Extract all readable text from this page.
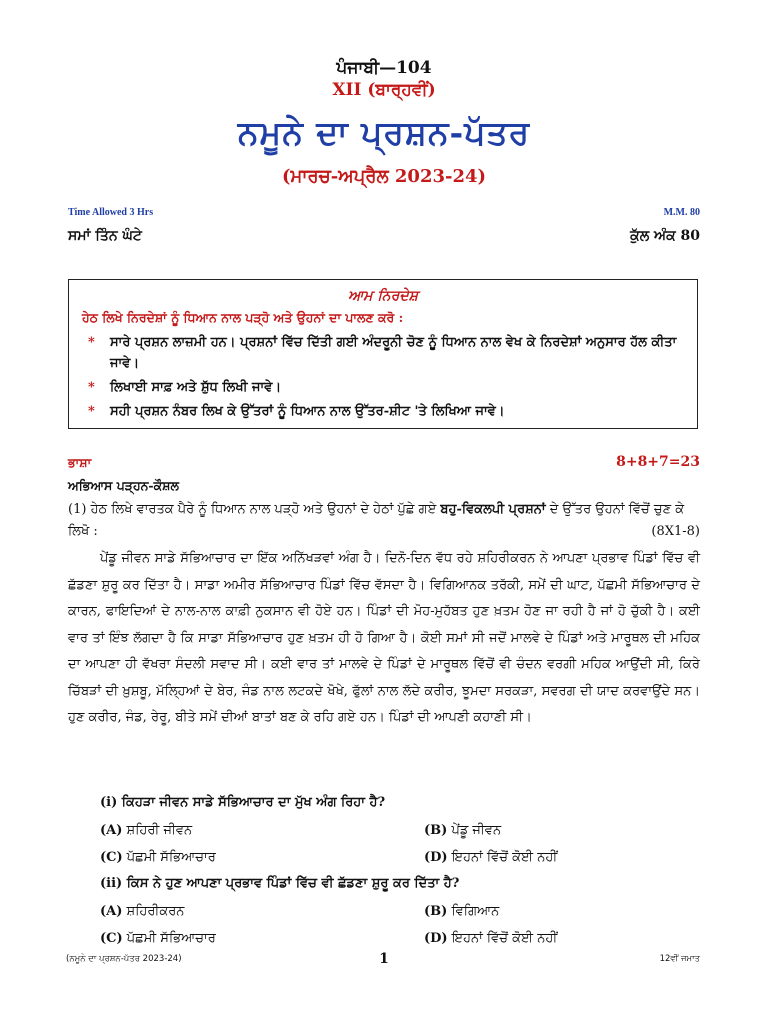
ਪੰਜਾਬੀ—104
XII (ਬਾਰ੍ਹਵੀਂ)
ਨਮੂਨੇ ਦਾ ਪ੍ਰਸ਼ਨ-ਪੱਤਰ
(ਮਾਰਚ-ਅਪ੍ਰੈਲ 2023-24)
Time Allowed 3 Hrs	M.M. 80
ਸਮਾਂ ਤਿੰਨ ਘੰਟੇ	ਕੁੱਲ ਅੰਕ 80
ਆਮ ਨਿਰਦੇਸ਼
ਹੇਠ ਲਿਖੇ ਨਿਰਦੇਸ਼ਾਂ ਨੂੰ ਧਿਆਨ ਨਾਲ ਪੜ੍ਹੋ ਅਤੇ ਉਹਨਾਂ ਦਾ ਪਾਲਣ ਕਰੋ :
* ਸਾਰੇ ਪ੍ਰਸ਼ਨ ਲਾਜ਼ਮੀ ਹਨ। ਪ੍ਰਸ਼ਨਾਂ ਵਿੱਚ ਦਿੱਤੀ ਗਈ ਅੰਦਰੂਨੀ ਚੋਣ ਨੂੰ ਧਿਆਨ ਨਾਲ ਵੇਖ ਕੇ ਨਿਰਦੇਸ਼ਾਂ ਅਨੁਸਾਰ ਹੱਲ ਕੀਤਾ ਜਾਵੇ।
* ਲਿਖਾਈ ਸਾਫ਼ ਅਤੇ ਸ਼ੁੱਧ ਲਿਖੀ ਜਾਵੇ।
* ਸਹੀ ਪ੍ਰਸ਼ਨ ਨੰਬਰ ਲਿਖ ਕੇ ਉੱਤਰਾਂ ਨੂੰ ਧਿਆਨ ਨਾਲ ਉੱਤਰ-ਸ਼ੀਟ 'ਤੇ ਲਿਖਿਆ ਜਾਵੇ।
ਭਾਸ਼ਾ	8+8+7=23
ਅਭਿਆਸ ਪੜ੍ਹਨ-ਕੌਸ਼ਲ
(1) ਹੇਠ ਲਿਖੇ ਵਾਰਤਕ ਪੈਰੇ ਨੂੰ ਧਿਆਨ ਨਾਲ ਪੜ੍ਹੋ ਅਤੇ ਉਹਨਾਂ ਦੇ ਹੇਠਾਂ ਪੁੱਛੇ ਗਏ ਬਹੁ-ਵਿਕਲਪੀ ਪ੍ਰਸ਼ਨਾਂ ਦੇ ਉੱਤਰ ਉਹਨਾਂ ਵਿੱਚੋਂ ਚੁਣ ਕੇ ਲਿਖੋ :	(8X1-8)
ਪੇਂਡੂ ਜੀਵਨ ਸਾਡੇ ਸੱਭਿਆਚਾਰ ਦਾ ਇੱਕ ਅਨਿੱਖੜਵਾਂ ਅੰਗ ਹੈ। ਦਿਨੋ-ਦਿਨ ਵੱਧ ਰਹੇ ਸ਼ਹਿਰੀਕਰਨ ਨੇ ਆਪਣਾ ਪ੍ਰਭਾਵ ਪਿੰਡਾਂ ਵਿੱਚ ਵੀ ਛੱਡਣਾ ਸ਼ੁਰੂ ਕਰ ਦਿੱਤਾ ਹੈ। ਸਾਡਾ ਅਮੀਰ ਸੱਭਿਆਚਾਰ ਪਿੰਡਾਂ ਵਿੱਚ ਵੱਸਦਾ ਹੈ। ਵਿਗਿਆਨਕ ਤਰੱਕੀ, ਸਮੇਂ ਦੀ ਘਾਟ, ਪੱਛਮੀ ਸੱਭਿਆਚਾਰ ਦੇ ਕਾਰਨ, ਫਾਇਦਿਆਂ ਦੇ ਨਾਲ-ਨਾਲ ਕਾਫ਼ੀ ਨੁਕਸਾਨ ਵੀ ਹੋਏ ਹਨ। ਪਿੰਡਾਂ ਦੀ ਮੋਹ-ਮੁਹੱਬਤ ਹੁਣ ਖ਼ਤਮ ਹੋਣ ਜਾ ਰਹੀ ਹੈ ਜਾਂ ਹੋ ਚੁੱਕੀ ਹੈ। ਕਈ ਵਾਰ ਤਾਂ ਇੰਝ ਲੱਗਦਾ ਹੈ ਕਿ ਸਾਡਾ ਸੱਭਿਆਚਾਰ ਹੁਣ ਖ਼ਤਮ ਹੀ ਹੋ ਗਿਆ ਹੈ। ਕੋਈ ਸਮਾਂ ਸੀ ਜਦੋਂ ਮਾਲਵੇ ਦੇ ਪਿੰਡਾਂ ਅਤੇ ਮਾਰੂਥਲ ਦੀ ਮਹਿਕ ਦਾ ਆਪਣਾ ਹੀ ਵੱਖਰਾ ਸੰਦਲੀ ਸਵਾਦ ਸੀ। ਕਈ ਵਾਰ ਤਾਂ ਮਾਲਵੇ ਦੇ ਪਿੰਡਾਂ ਦੇ ਮਾਰੂਥਲ ਵਿੱਚੋਂ ਵੀ ਚੰਦਨ ਵਰਗੀ ਮਹਿਕ ਆਉਂਦੀ ਸੀ, ਕਿਰੇ ਚਿੱਬੜਾਂ ਦੀ ਖ਼ੁਸ਼ਬੂ, ਮੱਲ੍ਹਿਆਂ ਦੇ ਬੇਰ, ਜੰਡ ਨਾਲ ਲਟਕਦੇ ਖੋਖੇ, ਫੁੱਲਾਂ ਨਾਲ ਲੱਦੇ ਕਰੀਰ, ਝੂਮਦਾ ਸਰਕੜਾ, ਸਵਰਗ ਦੀ ਯਾਦ ਕਰਵਾਉਂਦੇ ਸਨ। ਹੁਣ ਕਰੀਰ, ਜੰਡ, ਰੇਰੂ, ਬੀਤੇ ਸਮੇਂ ਦੀਆਂ ਬਾਤਾਂ ਬਣ ਕੇ ਰਹਿ ਗਏ ਹਨ। ਪਿੰਡਾਂ ਦੀ ਆਪਣੀ ਕਹਾਣੀ ਸੀ।
(i) ਕਿਹੜਾ ਜੀਵਨ ਸਾਡੇ ਸੱਭਿਆਚਾਰ ਦਾ ਮੁੱਖ ਅੰਗ ਰਿਹਾ ਹੈ?
(A) ਸ਼ਹਿਰੀ ਜੀਵਨ	(B) ਪੇਂਡੂ ਜੀਵਨ
(C) ਪੱਛਮੀ ਸੱਭਿਆਚਾਰ	(D) ਇਹਨਾਂ ਵਿੱਚੋਂ ਕੋਈ ਨਹੀਂ
(ii) ਕਿਸ ਨੇ ਹੁਣ ਆਪਣਾ ਪ੍ਰਭਾਵ ਪਿੰਡਾਂ ਵਿੱਚ ਵੀ ਛੱਡਣਾ ਸ਼ੁਰੂ ਕਰ ਦਿੱਤਾ ਹੈ?
(A) ਸ਼ਹਿਰੀਕਰਨ	(B) ਵਿਗਿਆਨ
(C) ਪੱਛਮੀ ਸੱਭਿਆਚਾਰ	(D) ਇਹਨਾਂ ਵਿੱਚੋਂ ਕੋਈ ਨਹੀਂ
(ਨਮੂਨੇ ਦਾ ਪ੍ਰਸ਼ਨ-ਪੱਤਰ 2023-24)	1	12ਵੀਂ ਜਮਾਤ
